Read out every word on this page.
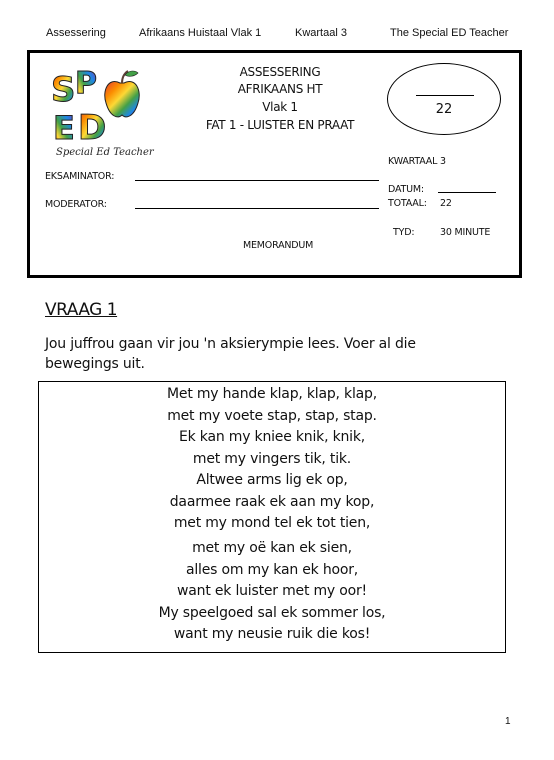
Assessering	Afrikaans Huistaal Vlak 1	Kwartaal 3	The Special ED Teacher
S P
E D
Special Ed Teacher
ASSESSERING
AFRIKAANS HT
Vlak 1
FAT 1 - LUISTER EN PRAAT
22
KWARTAAL 3
EKSAMINATOR:
DATUM:
MODERATOR:	TOTAAL: 22
TYD:	30 MINUTE
MEMORANDUM
VRAAG 1
Jou juffrou gaan vir jou 'n aksierympie lees. Voer al die bewegings uit.
Met my hande klap, klap, klap,
met my voete stap, stap, stap.
Ek kan my kniee knik, knik,
met my vingers tik, tik.
Altwee arms lig ek op,
daarmee raak ek aan my kop,
met my mond tel ek tot tien,
met my oë kan ek sien,
alles om my kan ek hoor,
want ek luister met my oor!
My speelgoed sal ek sommer los,
want my neusie ruik die kos!
1
